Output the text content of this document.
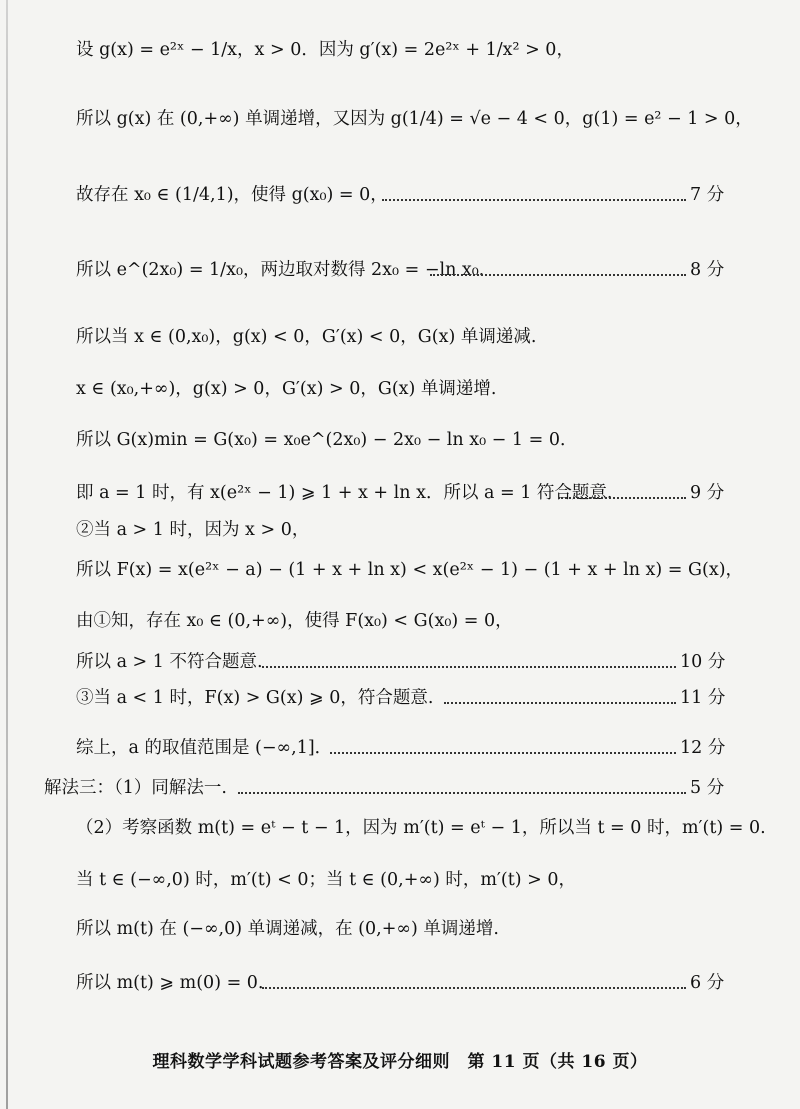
设 g(x) = e²ˣ − 1/x，x > 0．因为 g′(x) = 2e²ˣ + 1/x² > 0，
所以 g(x) 在 (0,+∞) 单调递增，又因为 g(1/4) = √e − 4 < 0，g(1) = e² − 1 > 0，
故存在 x₀ ∈ (1/4,1)，使得 g(x₀) = 0，	7 分
所以 e^(2x₀) = 1/x₀，两边取对数得 2x₀ = −ln x₀．	8 分
所以当 x ∈ (0,x₀)，g(x) < 0，G′(x) < 0，G(x) 单调递减.
x ∈ (x₀,+∞)，g(x) > 0，G′(x) > 0，G(x) 单调递增.
所以 G(x)min = G(x₀) = x₀e^(2x₀) − 2x₀ − ln x₀ − 1 = 0．
即 a = 1 时，有 x(e²ˣ − 1) ⩾ 1 + x + ln x．所以 a = 1 符合题意.	9 分
②当 a > 1 时，因为 x > 0，
所以 F(x) = x(e²ˣ − a) − (1 + x + ln x) < x(e²ˣ − 1) − (1 + x + ln x) = G(x)，
由①知，存在 x₀ ∈ (0,+∞)，使得 F(x₀) < G(x₀) = 0，
所以 a > 1 不符合题意.	10 分
③当 a < 1 时，F(x) > G(x) ⩾ 0，符合题意.	11 分
综上，a 的取值范围是 (−∞,1]．	12 分
解法三：（1）同解法一.	5 分
（2）考察函数 m(t) = eᵗ − t − 1，因为 m′(t) = eᵗ − 1，所以当 t = 0 时，m′(t) = 0.
当 t ∈ (−∞,0) 时，m′(t) < 0；当 t ∈ (0,+∞) 时，m′(t) > 0，
所以 m(t) 在 (−∞,0) 单调递减，在 (0,+∞) 单调递增.
所以 m(t) ⩾ m(0) = 0．	6 分
理科数学学科试题参考答案及评分细则　第 11 页（共 16 页）
